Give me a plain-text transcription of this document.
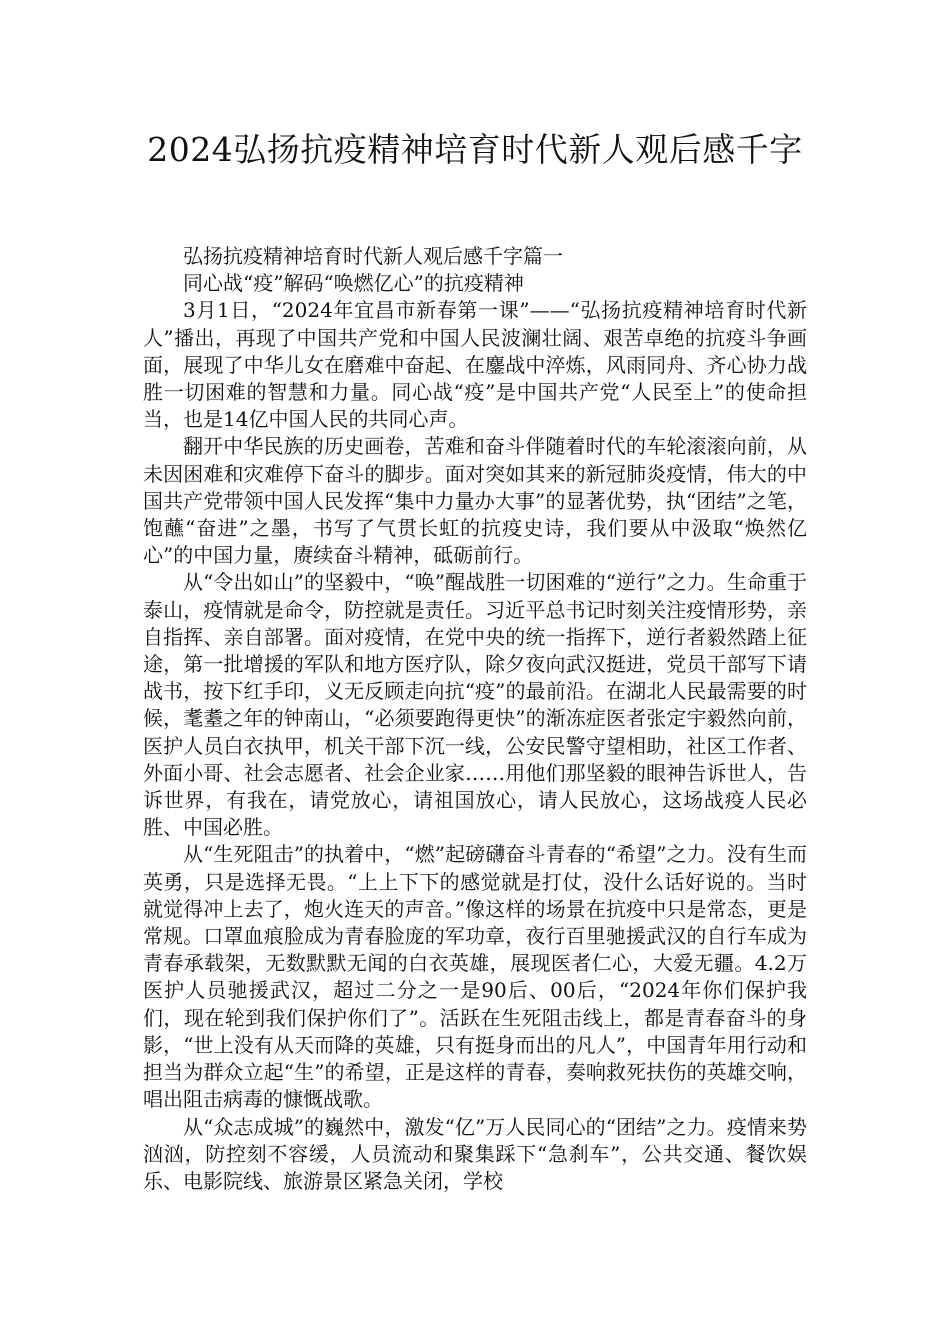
2024弘扬抗疫精神培育时代新人观后感千字

弘扬抗疫精神培育时代新人观后感千字篇一

同心战“疫”解码“唤燃亿心”的抗疫精神

3月1日，“2024年宜昌市新春第一课”——“弘扬抗疫精神培育时代新人”播出，再现了中国共产党和中国人民波澜壮阔、艰苦卓绝的抗疫斗争画面，展现了中华儿女在磨难中奋起、在鏖战中淬炼，风雨同舟、齐心协力战胜一切困难的智慧和力量。同心战“疫”是中国共产党“人民至上”的使命担当，也是14亿中国人民的共同心声。

翻开中华民族的历史画卷，苦难和奋斗伴随着时代的车轮滚滚向前，从未因困难和灾难停下奋斗的脚步。面对突如其来的新冠肺炎疫情，伟大的中国共产党带领中国人民发挥“集中力量办大事”的显著优势，执“团结”之笔，饱蘸“奋进”之墨，书写了气贯长虹的抗疫史诗，我们要从中汲取“焕然亿心”的中国力量，赓续奋斗精神，砥砺前行。

从“令出如山”的坚毅中，“唤”醒战胜一切困难的“逆行”之力。生命重于泰山，疫情就是命令，防控就是责任。习近平总书记时刻关注疫情形势，亲自指挥、亲自部署。面对疫情，在党中央的统一指挥下，逆行者毅然踏上征途，第一批增援的军队和地方医疗队，除夕夜向武汉挺进，党员干部写下请战书，按下红手印，义无反顾走向抗“疫”的最前沿。在湖北人民最需要的时候，耄耋之年的钟南山，“必须要跑得更快”的渐冻症医者张定宇毅然向前，医护人员白衣执甲，机关干部下沉一线，公安民警守望相助，社区工作者、外面小哥、社会志愿者、社会企业家……用他们那坚毅的眼神告诉世人，告诉世界，有我在，请党放心，请祖国放心，请人民放心，这场战疫人民必胜、中国必胜。

从“生死阻击”的执着中，“燃”起磅礴奋斗青春的“希望”之力。没有生而英勇，只是选择无畏。“上上下下的感觉就是打仗，没什么话好说的。当时就觉得冲上去了，炮火连天的声音。”像这样的场景在抗疫中只是常态，更是常规。口罩血痕脸成为青春脸庞的军功章，夜行百里驰援武汉的自行车成为青春承载架，无数默默无闻的白衣英雄，展现医者仁心，大爱无疆。4.2万医护人员驰援武汉，超过二分之一是90后、00后，“2024年你们保护我们，现在轮到我们保护你们了”。活跃在生死阻击线上，都是青春奋斗的身影，“世上没有从天而降的英雄，只有挺身而出的凡人”，中国青年用行动和担当为群众立起“生”的希望，正是这样的青春，奏响救死扶伤的英雄交响，唱出阻击病毒的慷慨战歌。

从“众志成城”的巍然中，激发“亿”万人民同心的“团结”之力。疫情来势汹汹，防控刻不容缓，人员流动和聚集踩下“急刹车”，公共交通、餐饮娱乐、电影院线、旅游景区紧急关闭，学校
